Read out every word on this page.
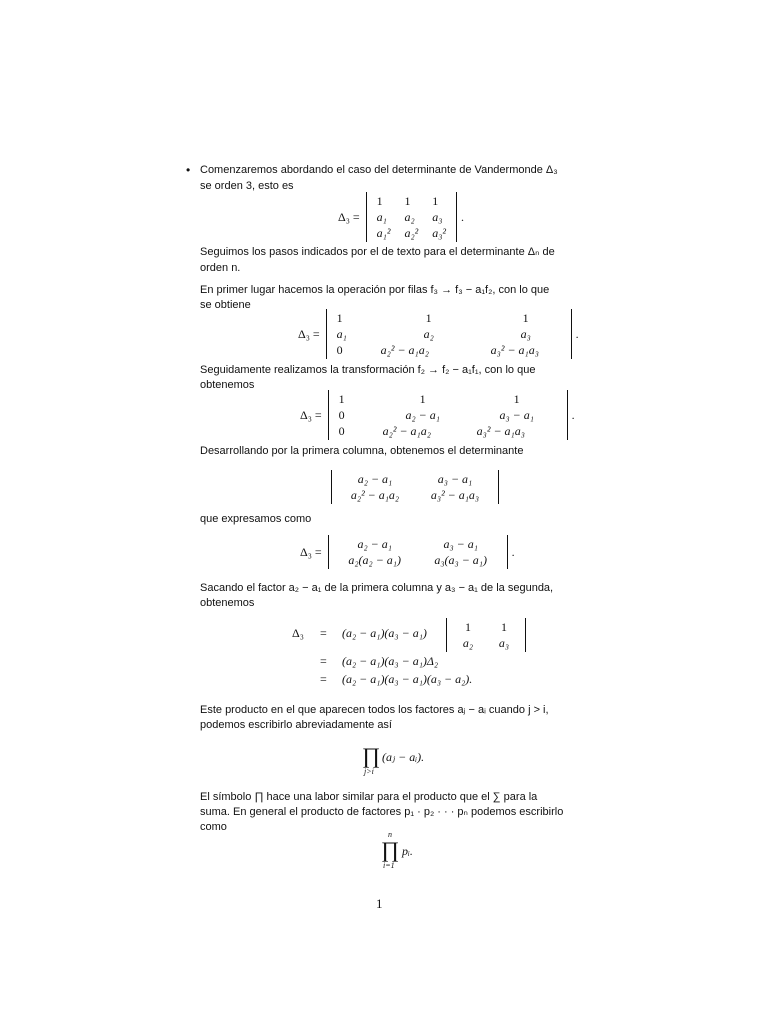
• Comenzaremos abordando el caso del determinante de Vandermonde Δ₃
se orden 3, esto es
Δ₃ =
1 1 1
a₁ a₂ a₃
a₁² a₂² a₃²
.
Seguimos los pasos indicados por el de texto para el determinante Δₙ de
orden n.
En primer lugar hacemos la operación por filas f₃ → f₃ − a₁f₂, con lo que
se obtiene
Δ₃ =
1	1	1
a₁	a₂	a₃
0	a₂² − a₁a₂	a₃² − a₁a₃
.
Seguidamente realizamos la transformación f₂ → f₂ − a₁f₁, con lo que
obtenemos
Δ₃ =
1	1	1
0	a₂ − a₁	a₃ − a₁
0	a₂² − a₁a₂	a₃² − a₁a₃
.
Desarrollando por la primera columna, obtenemos el determinante
a₂ − a₁	a₃ − a₁
a₂² − a₁a₂	a₃² − a₁a₃
que expresamos como
Δ₃ =
a₂ − a₁	a₃ − a₁
a₂(a₂ − a₁)	a₃(a₃ − a₁)
.
Sacando el factor a₂ − a₁ de la primera columna y a₃ − a₁ de la segunda,
obtenemos
Δ₃ = (a₂ − a₁)(a₃ − a₁)	1	1
a₂ a₃
= (a₂ − a₁)(a₃ − a₁)Δ₂
= (a₂ − a₁)(a₃ − a₁)(a₃ − a₂).
Este producto en el que aparecen todos los factores aⱼ − aᵢ cuando j > i,
podemos escribirlo abreviadamente así
∏
j>i
(aⱼ − aᵢ).
El símbolo ∏ hace una labor similar para el producto que el ∑ para la
suma. En general el producto de factores p₁ · p₂ · · · pₙ podemos escribirlo
como
n
∏
i=1
pᵢ.
1
